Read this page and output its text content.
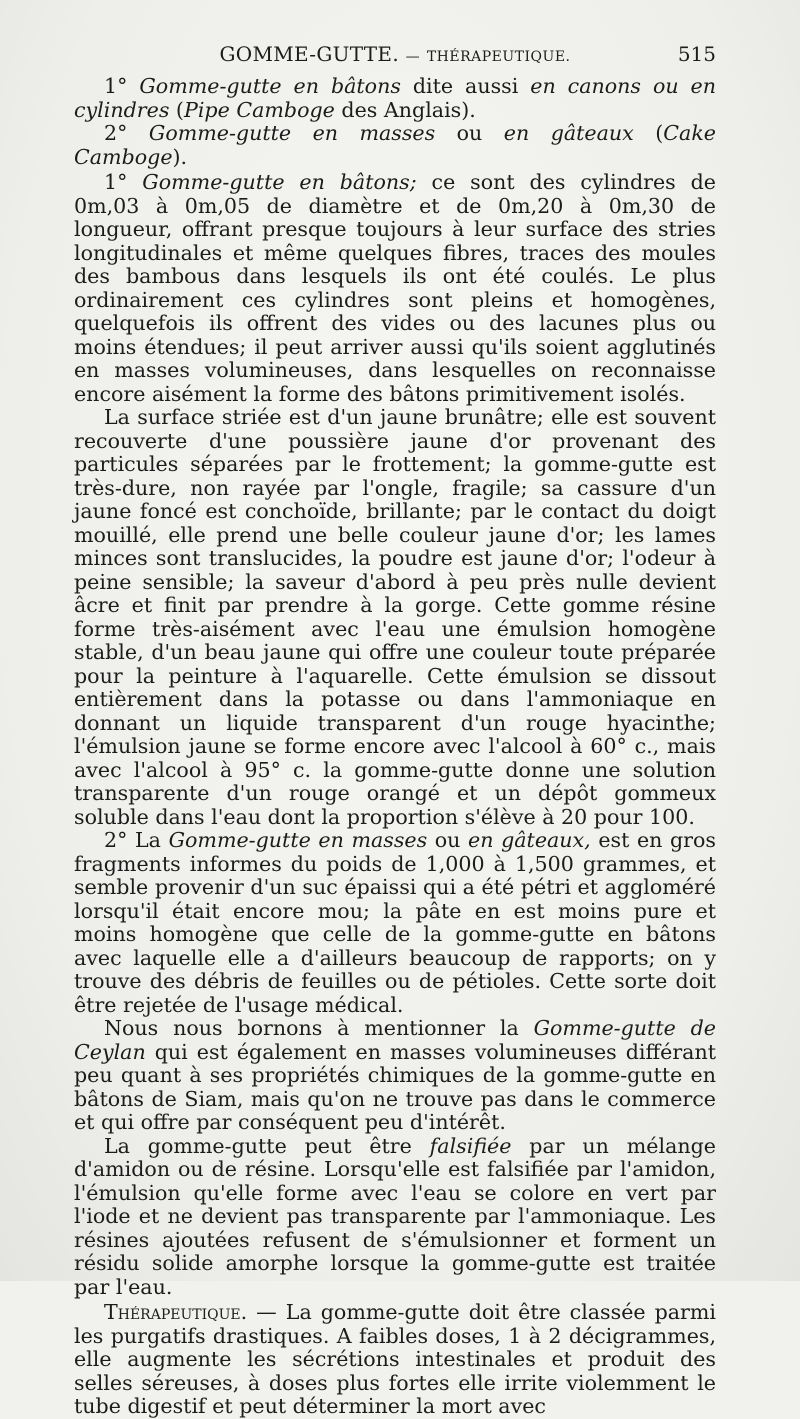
GOMME-GUTTE. — THÉRAPEUTIQUE.	515

1° Gomme-gutte en bâtons dite aussi en canons ou en cylindres (Pipe Camboge des Anglais).

2° Gomme-gutte en masses ou en gâteaux (Cake Camboge).

1° Gomme-gutte en bâtons; ce sont des cylindres de 0m,03 à 0m,05 de diamètre et de 0m,20 à 0m,30 de longueur, offrant presque toujours à leur surface des stries longitudinales et même quelques fibres, traces des moules des bambous dans lesquels ils ont été coulés. Le plus ordinairement ces cylindres sont pleins et homogènes, quelquefois ils offrent des vides ou des lacunes plus ou moins étendues; il peut arriver aussi qu'ils soient agglutinés en masses volumineuses, dans lesquelles on reconnaisse encore aisément la forme des bâtons primitivement isolés.

La surface striée est d'un jaune brunâtre; elle est souvent recouverte d'une poussière jaune d'or provenant des particules séparées par le frottement; la gomme-gutte est très-dure, non rayée par l'ongle, fragile; sa cassure d'un jaune foncé est conchoïde, brillante; par le contact du doigt mouillé, elle prend une belle couleur jaune d'or; les lames minces sont translucides, la poudre est jaune d'or; l'odeur à peine sensible; la saveur d'abord à peu près nulle devient âcre et finit par prendre à la gorge. Cette gomme résine forme très-aisément avec l'eau une émulsion homogène stable, d'un beau jaune qui offre une couleur toute préparée pour la peinture à l'aquarelle. Cette émulsion se dissout entièrement dans la potasse ou dans l'ammoniaque en donnant un liquide transparent d'un rouge hyacinthe; l'émulsion jaune se forme encore avec l'alcool à 60° c., mais avec l'alcool à 95° c. la gomme-gutte donne une solution transparente d'un rouge orangé et un dépôt gommeux soluble dans l'eau dont la proportion s'élève à 20 pour 100.

2° La Gomme-gutte en masses ou en gâteaux, est en gros fragments informes du poids de 1,000 à 1,500 grammes, et semble provenir d'un suc épaissi qui a été pétri et aggloméré lorsqu'il était encore mou; la pâte en est moins pure et moins homogène que celle de la gomme-gutte en bâtons avec laquelle elle a d'ailleurs beaucoup de rapports; on y trouve des débris de feuilles ou de pétioles. Cette sorte doit être rejetée de l'usage médical.

Nous nous bornons à mentionner la Gomme-gutte de Ceylan qui est également en masses volumineuses différant peu quant à ses propriétés chimiques de la gomme-gutte en bâtons de Siam, mais qu'on ne trouve pas dans le commerce et qui offre par conséquent peu d'intérêt.

La gomme-gutte peut être falsifiée par un mélange d'amidon ou de résine. Lorsqu'elle est falsifiée par l'amidon, l'émulsion qu'elle forme avec l'eau se colore en vert par l'iode et ne devient pas transparente par l'ammoniaque. Les résines ajoutées refusent de s'émulsionner et forment un résidu solide amorphe lorsque la gomme-gutte est traitée par l'eau.

Thérapeutique. — La gomme-gutte doit être classée parmi les purgatifs drastiques. A faibles doses, 1 à 2 décigrammes, elle augmente les sécrétions intestinales et produit des selles séreuses, à doses plus fortes elle irrite violemment le tube digestif et peut déterminer la mort avec
